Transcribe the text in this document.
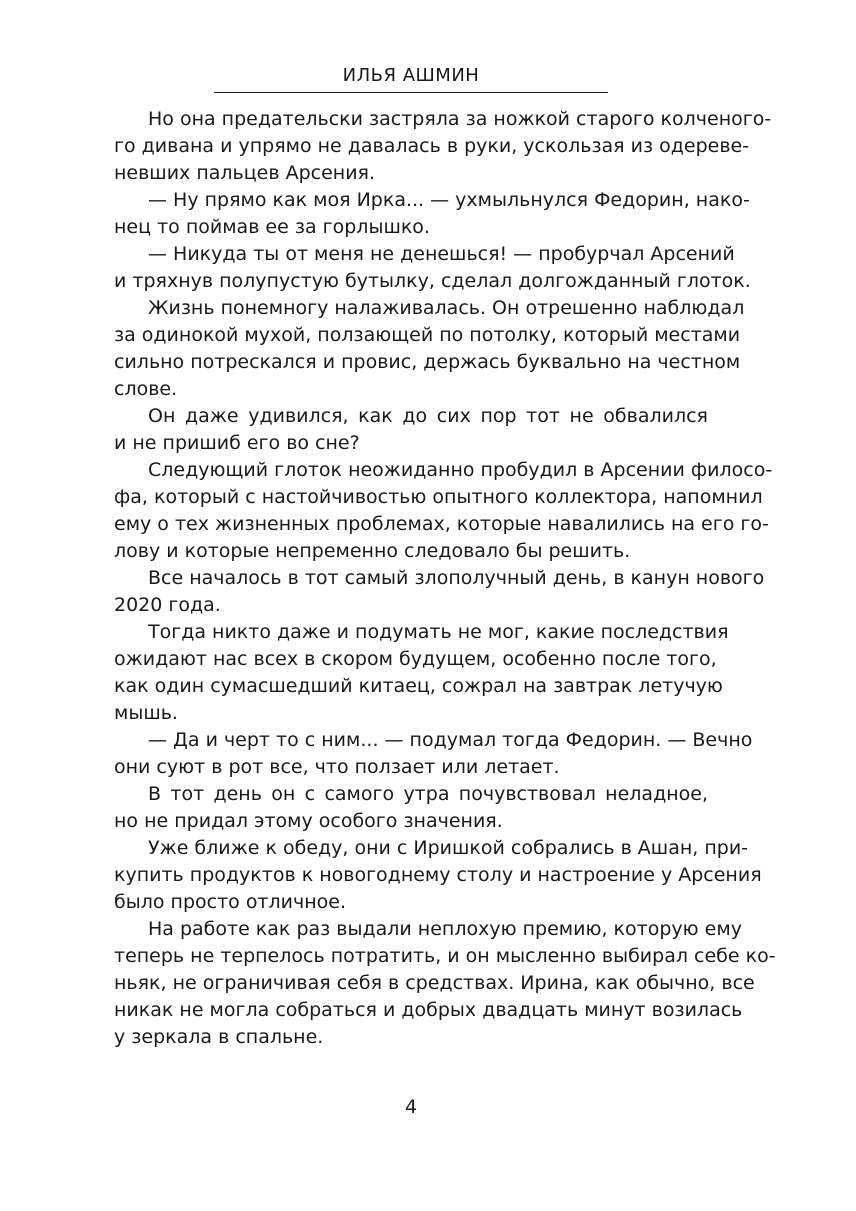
ИЛЬЯ АШМИН
Но она предательски застряла за ножкой старого колченого-
го дивана и упрямо не давалась в руки, ускользая из одереве-
невших пальцев Арсения.
— Ну прямо как моя Ирка... — ухмыльнулся Федорин, нако-
нец то поймав ее за горлышко.
— Никуда ты от меня не денешься! — пробурчал Арсений
и тряхнув полупустую бутылку, сделал долгожданный глоток.
Жизнь понемногу налаживалась. Он отрешенно наблюдал
за одинокой мухой, ползающей по потолку, который местами
сильно потрескался и провис, держась буквально на честном
слове.
Он даже удивился, как до сих пор тот не обвалился
и не пришиб его во сне?
Следующий глоток неожиданно пробудил в Арсении филосо-
фа, который с настойчивостью опытного коллектора, напомнил
ему о тех жизненных проблемах, которые навалились на его го-
лову и которые непременно следовало бы решить.
Все началось в тот самый злополучный день, в канун нового
2020 года.
Тогда никто даже и подумать не мог, какие последствия
ожидают нас всех в скором будущем, особенно после того,
как один сумасшедший китаец, сожрал на завтрак летучую
мышь.
— Да и черт то с ним... — подумал тогда Федорин. — Вечно
они суют в рот все, что ползает или летает.
В тот день он с самого утра почувствовал неладное,
но не придал этому особого значения.
Уже ближе к обеду, они с Иришкой собрались в Ашан, при-
купить продуктов к новогоднему столу и настроение у Арсения
было просто отличное.
На работе как раз выдали неплохую премию, которую ему
теперь не терпелось потратить, и он мысленно выбирал себе ко-
ньяк, не ограничивая себя в средствах. Ирина, как обычно, все
никак не могла собраться и добрых двадцать минут возилась
у зеркала в спальне.
4
